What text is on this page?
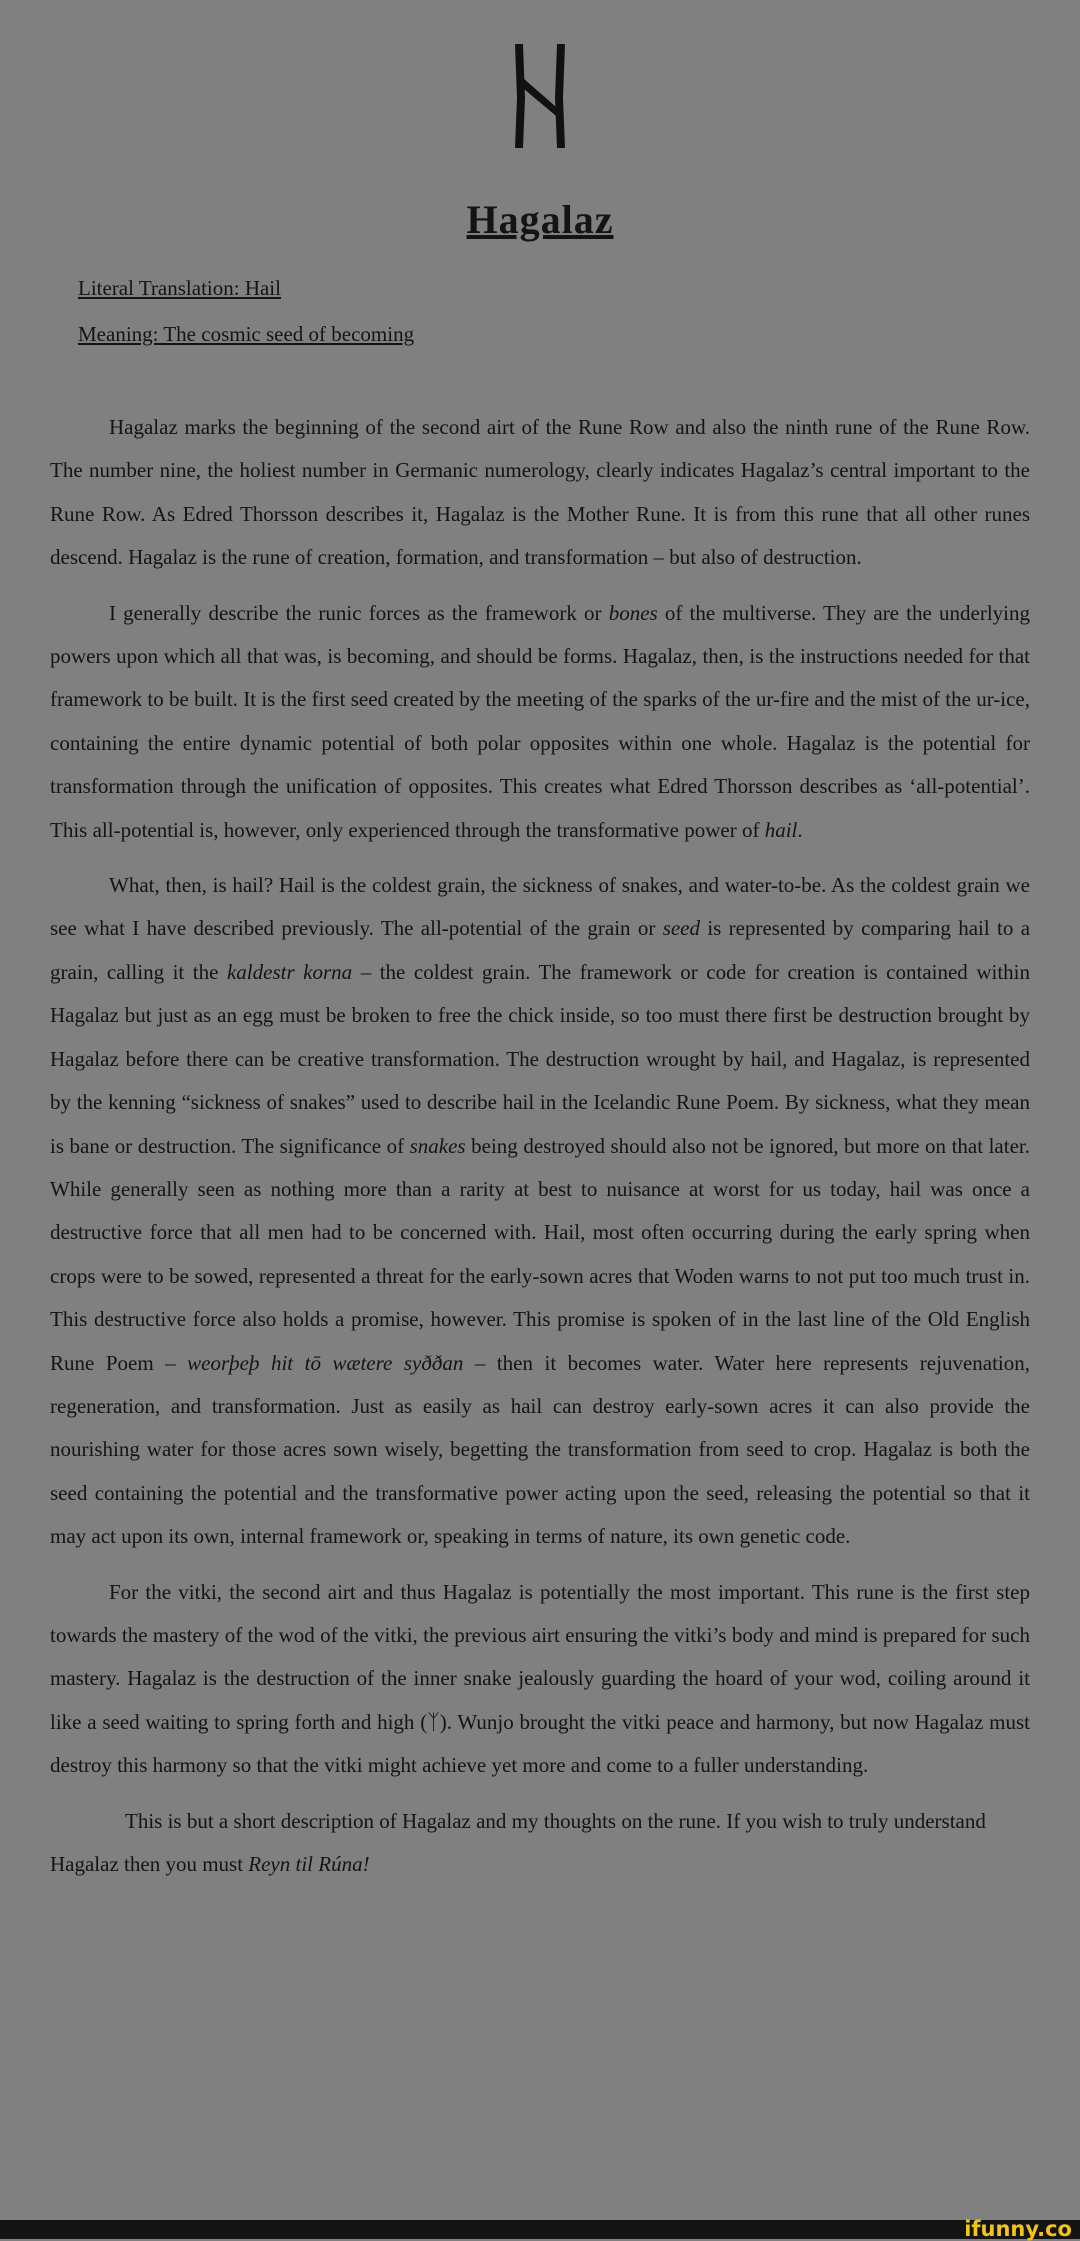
Hagalaz
Literal Translation: Hail
Meaning: The cosmic seed of becoming

Hagalaz marks the beginning of the second airt of the Rune Row and also the ninth rune of the Rune Row. The number nine, the holiest number in Germanic numerology, clearly indicates Hagalaz’s central important to the Rune Row. As Edred Thorsson describes it, Hagalaz is the Mother Rune. It is from this rune that all other runes descend. Hagalaz is the rune of creation, formation, and transformation – but also of destruction.

I generally describe the runic forces as the framework or bones of the multiverse. They are the underlying powers upon which all that was, is becoming, and should be forms. Hagalaz, then, is the instructions needed for that framework to be built. It is the first seed created by the meeting of the sparks of the ur-fire and the mist of the ur-ice, containing the entire dynamic potential of both polar opposites within one whole. Hagalaz is the potential for transformation through the unification of opposites. This creates what Edred Thorsson describes as ‘all-potential’. This all-potential is, however, only experienced through the transformative power of hail.

What, then, is hail? Hail is the coldest grain, the sickness of snakes, and water-to-be. As the coldest grain we see what I have described previously. The all-potential of the grain or seed is represented by comparing hail to a grain, calling it the kaldestr korna – the coldest grain. The framework or code for creation is contained within Hagalaz but just as an egg must be broken to free the chick inside, so too must there first be destruction brought by Hagalaz before there can be creative transformation. The destruction wrought by hail, and Hagalaz, is represented by the kenning “sickness of snakes” used to describe hail in the Icelandic Rune Poem. By sickness, what they mean is bane or destruction. The significance of snakes being destroyed should also not be ignored, but more on that later. While generally seen as nothing more than a rarity at best to nuisance at worst for us today, hail was once a destructive force that all men had to be concerned with. Hail, most often occurring during the early spring when crops were to be sowed, represented a threat for the early-sown acres that Woden warns to not put too much trust in. This destructive force also holds a promise, however. This promise is spoken of in the last line of the Old English Rune Poem – weorþeþ hit tō wætere syððan – then it becomes water. Water here represents rejuvenation, regeneration, and transformation. Just as easily as hail can destroy early-sown acres it can also provide the nourishing water for those acres sown wisely, begetting the transformation from seed to crop. Hagalaz is both the seed containing the potential and the transformative power acting upon the seed, releasing the potential so that it may act upon its own, internal framework or, speaking in terms of nature, its own genetic code.

For the vitki, the second airt and thus Hagalaz is potentially the most important. This rune is the first step towards the mastery of the wod of the vitki, the previous airt ensuring the vitki’s body and mind is prepared for such mastery. Hagalaz is the destruction of the inner snake jealously guarding the hoard of your wod, coiling around it like a seed waiting to spring forth and high (ᛉ). Wunjo brought the vitki peace and harmony, but now Hagalaz must destroy this harmony so that the vitki might achieve yet more and come to a fuller understanding.

This is but a short description of Hagalaz and my thoughts on the rune. If you wish to truly understand Hagalaz then you must Reyn til Rúna!

ifunny.co
